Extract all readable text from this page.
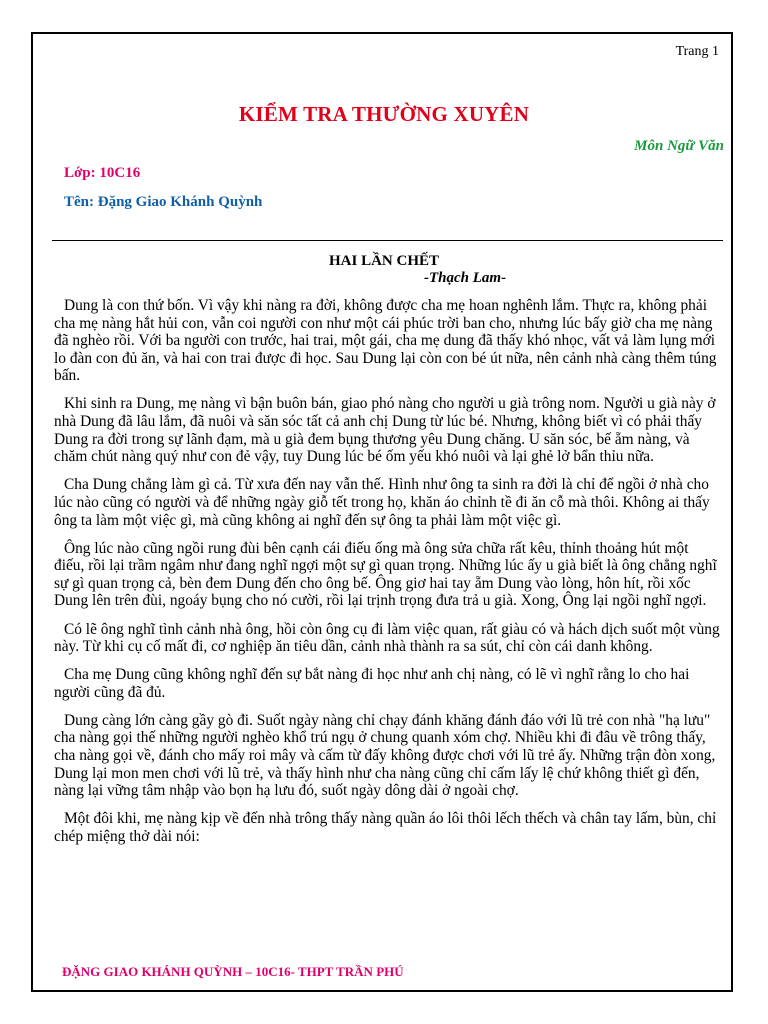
Trang 1
KIỂM TRA THƯỜNG XUYÊN
Môn Ngữ Văn
Lớp: 10C16
Tên: Đặng Giao Khánh Quỳnh
HAI LẦN CHẾT
-Thạch Lam-

Dung là con thứ bốn. Vì vậy khi nàng ra đời, không được cha mẹ hoan nghênh lắm. Thực ra, không phải cha mẹ nàng hắt hủi con, vẫn coi người con như một cái phúc trời ban cho, nhưng lúc bấy giờ cha mẹ nàng đã nghèo rồi. Với ba người con trước, hai trai, một gái, cha mẹ dung đã thấy khó nhọc, vất vả làm lụng mới lo đàn con đủ ăn, và hai con trai được đi học. Sau Dung lại còn con bé út nữa, nên cảnh nhà càng thêm túng bấn.

Khi sinh ra Dung, mẹ nàng vì bận buôn bán, giao phó nàng cho người u già trông nom. Người u già này ở nhà Dung đã lâu lắm, đã nuôi và săn sóc tất cả anh chị Dung từ lúc bé. Nhưng, không biết vì có phải thấy Dung ra đời trong sự lãnh đạm, mà u già đem bụng thương yêu Dung chăng. U săn sóc, bế ẵm nàng, và chăm chút nàng quý như con đẻ vậy, tuy Dung lúc bé ốm yếu khó nuôi và lại ghẻ lở bẩn thỉu nữa.

Cha Dung chẳng làm gì cả. Từ xưa đến nay vẫn thế. Hình như ông ta sinh ra đời là chỉ để ngồi ở nhà cho lúc nào cũng có người và để những ngày giỗ tết trong họ, khăn áo chỉnh tề đi ăn cỗ mà thôi. Không ai thấy ông ta làm một việc gì, mà cũng không ai nghĩ đến sự ông ta phải làm một việc gì.

Ông lúc nào cũng ngồi rung đùi bên cạnh cái điếu ống mà ông sửa chữa rất kêu, thỉnh thoảng hút một điếu, rồi lại trầm ngâm như đang nghĩ ngợi một sự gì quan trọng. Những lúc ấy u già biết là ông chẳng nghĩ sự gì quan trọng cả, bèn đem Dung đến cho ông bế. Ông giơ hai tay ẵm Dung vào lòng, hôn hít, rồi xốc Dung lên trên đùi, ngoáy bụng cho nó cười, rồi lại trịnh trọng đưa trả u già. Xong, Ông lại ngồi nghĩ ngợi.

Có lẽ ông nghĩ tình cảnh nhà ông, hồi còn ông cụ đi làm việc quan, rất giàu có và hách dịch suốt một vùng này. Từ khi cụ cố mất đi, cơ nghiệp ăn tiêu dần, cảnh nhà thành ra sa sút, chỉ còn cái danh không.

Cha mẹ Dung cũng không nghĩ đến sự bắt nàng đi học như anh chị nàng, có lẽ vì nghĩ rằng lo cho hai người cũng đã đủ.

Dung càng lớn càng gầy gò đi. Suốt ngày nàng chỉ chạy đánh khăng đánh đáo với lũ trẻ con nhà "hạ lưu" cha nàng gọi thế những người nghèo khổ trú ngụ ở chung quanh xóm chợ. Nhiều khi đi đâu về trông thấy, cha nàng gọi về, đánh cho mấy roi mây và cấm từ đấy không được chơi với lũ trẻ ấy. Những trận đòn xong, Dung lại mon men chơi với lũ trẻ, và thấy hình như cha nàng cũng chỉ cấm lấy lệ chứ không thiết gì đến, nàng lại vững tâm nhập vào bọn hạ lưu đó, suốt ngày dông dài ở ngoài chợ.

Một đôi khi, mẹ nàng kịp về đến nhà trông thấy nàng quần áo lôi thôi lếch thếch và chân tay lấm, bùn, chỉ chép miệng thở dài nói:

ĐẶNG GIAO KHÁNH QUỲNH – 10C16- THPT TRẦN PHÚ
